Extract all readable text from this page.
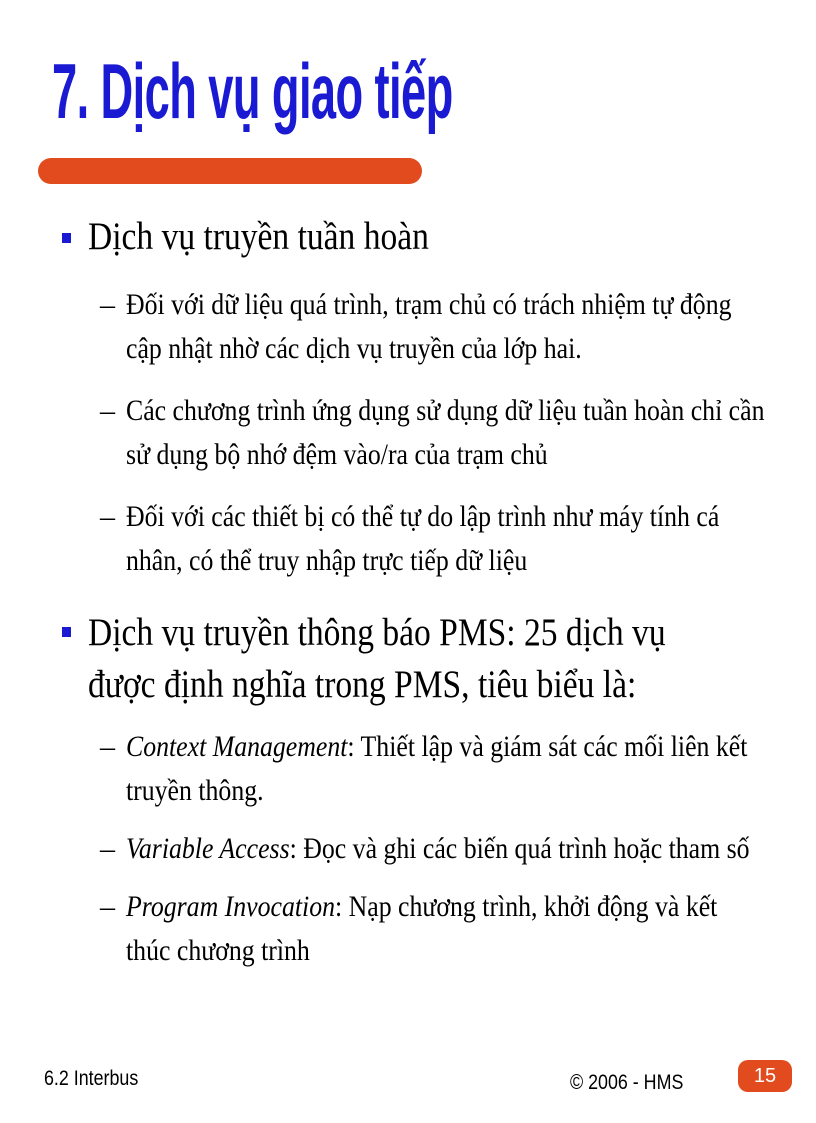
7. Dịch vụ giao tiếp

Dịch vụ truyền tuần hoàn

– Đối với dữ liệu quá trình, trạm chủ có trách nhiệm tự động cập nhật nhờ các dịch vụ truyền của lớp hai.

– Các chương trình ứng dụng sử dụng dữ liệu tuần hoàn chỉ cần sử dụng bộ nhớ đệm vào/ra của trạm chủ

– Đối với các thiết bị có thể tự do lập trình như máy tính cá nhân, có thể truy nhập trực tiếp dữ liệu

Dịch vụ truyền thông báo PMS: 25 dịch vụ được định nghĩa trong PMS, tiêu biểu là:

– Context Management: Thiết lập và giám sát các mối liên kết truyền thông.

– Variable Access: Đọc và ghi các biến quá trình hoặc tham số

– Program Invocation: Nạp chương trình, khởi động và kết thúc chương trình

6.2 Interbus	© 2006 - HMS	15
